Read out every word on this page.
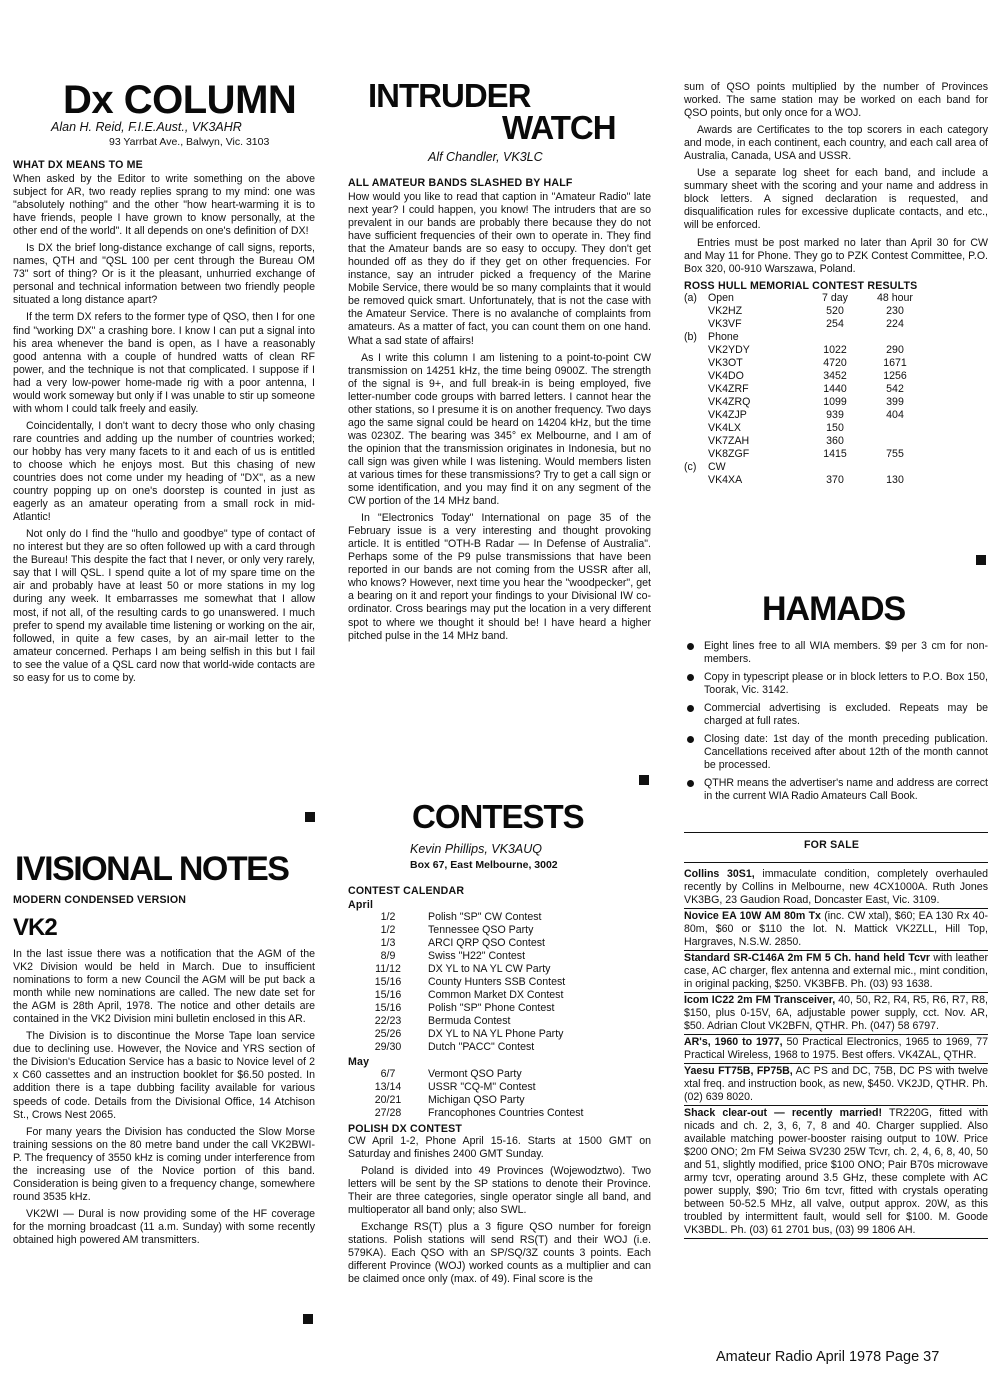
Dx COLUMN
Alan H. Reid, F.I.E.Aust., VK3AHR
93 Yarrbat Ave., Balwyn, Vic. 3103
WHAT DX MEANS TO ME

When asked by the Editor to write something on the above subject for AR, two ready replies sprang to my mind: one was "absolutely nothing" and the other "how heart-warming it is to have friends, people I have grown to know personally, at the other end of the world". It all depends on one's definition of DX!

Is DX the brief long-distance exchange of call signs, reports, names, QTH and "QSL 100 per cent through the Bureau OM 73" sort of thing? Or is it the pleasant, unhurried exchange of personal and technical information between two friendly people situated a long distance apart?

If the term DX refers to the former type of QSO, then I for one find "working DX" a crashing bore. I know I can put a signal into his area whenever the band is open, as I have a reasonably good antenna with a couple of hundred watts of clean RF power, and the technique is not that complicated. I suppose if I had a very low-power home-made rig with a poor antenna, I would work someway but only if I was unable to stir up someone with whom I could talk freely and easily.

Coincidentally, I don't want to decry those who only chasing rare countries and adding up the number of countries worked; our hobby has very many facets to it and each of us is entitled to choose which he enjoys most. But this chasing of new countries does not come under my heading of "DX", as a new country popping up on one's doorstep is counted in just as eagerly as an amateur operating from a small rock in mid-Atlantic!

Not only do I find the "hullo and goodbye" type of contact of no interest but they are so often followed up with a card through the Bureau! This despite the fact that I never, or only very rarely, say that I will QSL. I spend quite a lot of my spare time on the air and probably have at least 50 or more stations in my log during any week. It embarrasses me somewhat that I allow most, if not all, of the resulting cards to go unanswered. I much prefer to spend my available time listening or working on the air, followed, in quite a few cases, by an air-mail letter to the amateur concerned. Perhaps I am being selfish in this but I fail to see the value of a QSL card now that world-wide contacts are so easy for us to come by.

IVISIONAL NOTES
MODERN CONDENSED VERSION
VK2

In the last issue there was a notification that the AGM of the VK2 Division would be held in March. Due to insufficient nominations to form a new Council the AGM will be put back a month while new nominations are called. The new date set for the AGM is 28th April, 1978. The notice and other details are contained in the VK2 Division mini bulletin enclosed in this AR.

The Division is to discontinue the Morse Tape loan service due to declining use. However, the Novice and YRS section of the Division's Education Service has a basic to Novice level of 2 x C60 cassettes and an instruction booklet for $6.50 posted. In addition there is a tape dubbing facility available for various speeds of code. Details from the Divisional Office, 14 Atchison St., Crows Nest 2065.

For many years the Division has conducted the Slow Morse training sessions on the 80 metre band under the call VK2BWI-P. The frequency of 3550 kHz is coming under interference from the increasing use of the Novice portion of this band. Consideration is being given to a frequency change, somewhere round 3535 kHz.

VK2WI — Dural is now providing some of the HF coverage for the morning broadcast (11 a.m. Sunday) with some recently obtained high powered AM transmitters.

INTRUDER
WATCH
Alf Chandler, VK3LC
ALL AMATEUR BANDS SLASHED BY HALF

How would you like to read that caption in "Amateur Radio" late next year? I could happen, you know! The intruders that are so prevalent in our bands are probably there because they do not have sufficient frequencies of their own to operate in. They find that the Amateur bands are so easy to occupy. They don't get hounded off as they do if they get on other frequencies. For instance, say an intruder picked a frequency of the Marine Mobile Service, there would be so many complaints that it would be removed quick smart. Unfortunately, that is not the case with the Amateur Service. There is no avalanche of complaints from amateurs. As a matter of fact, you can count them on one hand. What a sad state of affairs!

As I write this column I am listening to a point-to-point CW transmission on 14251 kHz, the time being 0900Z. The strength of the signal is 9+, and full break-in is being employed, five letter-number code groups with barred letters. I cannot hear the other stations, so I presume it is on another frequency. Two days ago the same signal could be heard on 14204 kHz, but the time was 0230Z. The bearing was 345° ex Melbourne, and I am of the opinion that the transmission originates in Indonesia, but no call sign was given while I was listening. Would members listen at various times for these transmissions? Try to get a call sign or some identification, and you may find it on any segment of the CW portion of the 14 MHz band.

In "Electronics Today" International on page 35 of the February issue is a very interesting and thought provoking article. It is entitled "OTH-B Radar — In Defense of Australia". Perhaps some of the P9 pulse transmissions that have been reported in our bands are not coming from the USSR after all, who knows? However, next time you hear the "woodpecker", get a bearing on it and report your findings to your Divisional IW co-ordinator. Cross bearings may put the location in a very different spot to where we thought it should be! I have heard a higher pitched pulse in the 14 MHz band.

CONTESTS
Kevin Phillips, VK3AUQ
Box 67, East Melbourne, 3002
CONTEST CALENDAR
April
1/2	Polish "SP" CW Contest
1/2	Tennessee QSO Party
1/3	ARCI QRP QSO Contest
8/9	Swiss "H22" Contest
11/12	DX YL to NA YL CW Party
15/16	County Hunters SSB Contest
15/16	Common Market DX Contest
15/16	Polish "SP" Phone Contest
22/23	Bermuda Contest
25/26	DX YL to NA YL Phone Party
29/30	Dutch "PACC" Contest
May
6/7	Vermont QSO Party
13/14	USSR "CQ-M" Contest
20/21	Michigan QSO Party
27/28	Francophones Countries Contest
POLISH DX CONTEST

CW April 1-2, Phone April 15-16. Starts at 1500 GMT on Saturday and finishes 2400 GMT Sunday.

Poland is divided into 49 Provinces (Wojewodztwo). Two letters will be sent by the SP stations to denote their Province. Their are three categories, single operator single all band, and multioperator all band only; also SWL.

Exchange RS(T) plus a 3 figure QSO number for foreign stations. Polish stations will send RS(T) and their WOJ (i.e. 579KA). Each QSO with an SP/SQ/3Z counts 3 points. Each different Province (WOJ) worked counts as a multiplier and can be claimed once only (max. of 49). Final score is the

sum of QSO points multiplied by the number of Provinces worked. The same station may be worked on each band for QSO points, but only once for a WOJ.

Awards are Certificates to the top scorers in each category and mode, in each continent, each country, and each call area of Australia, Canada, USA and USSR.

Use a separate log sheet for each band, and include a summary sheet with the scoring and your name and address in block letters. A signed declaration is requested, and disqualification rules for excessive duplicate contacts, and etc., will be enforced.

Entries must be post marked no later than April 30 for CW and May 11 for Phone. They go to PZK Contest Committee, P.O. Box 320, 00-910 Warszawa, Poland.

ROSS HULL MEMORIAL CONTEST RESULTS
(a)	Open	7 day	48 hour
	VK2HZ	520	230
	VK3VF	254	224
(b)	Phone		
	VK2YDY	1022	290
	VK3OT	4720	1671
	VK4DO	3452	1256
	VK4ZRF	1440	542
	VK4ZRQ	1099	399
	VK4ZJP	939	404
	VK4LX	150	
	VK7ZAH	360	
	VK8ZGF	1415	755
(c)	CW		
	VK4XA	370	130
HAMADS
Eight lines free to all WIA members. $9 per 3 cm for non-members.
Copy in typescript please or in block letters to P.O. Box 150, Toorak, Vic. 3142.
Commercial advertising is excluded. Repeats may be charged at full rates.
Closing date: 1st day of the month preceding publication. Cancellations received after about 12th of the month cannot be processed.
QTHR means the advertiser's name and address are correct in the current WIA Radio Amateurs Call Book.
FOR SALE
Collins 30S1, immaculate condition, completely overhauled recently by Collins in Melbourne, new 4CX1000A. Ruth Jones VK3BG, 23 Gaudion Road, Doncaster East, Vic. 3109.
Novice EA 10W AM 80m Tx (inc. CW xtal), $60; EA 130 Rx 40-80m, $60 or $110 the lot. N. Mattick VK2ZLL, Hill Top, Hargraves, N.S.W. 2850.
Standard SR-C146A 2m FM 5 Ch. hand held Tcvr with leather case, AC charger, flex antenna and external mic., mint condition, in original packing, $250. VK3BFB. Ph. (03) 93 1638.
Icom IC22 2m FM Transceiver, 40, 50, R2, R4, R5, R6, R7, R8, $150, plus 0-15V, 6A, adjustable power supply, cct. Nov. AR, $50. Adrian Clout VK2BFN, QTHR. Ph. (047) 58 6797.
AR's, 1960 to 1977, 50 Practical Electronics, 1965 to 1969, 77 Practical Wireless, 1968 to 1975. Best offers. VK4ZAL, QTHR.
Yaesu FT75B, FP75B, AC PS and DC, 75B, DC PS with twelve xtal freq. and instruction book, as new, $450. VK2JD, QTHR. Ph. (02) 639 8020.
Shack clear-out — recently married! TR220G, fitted with nicads and ch. 2, 3, 6, 7, 8 and 40. Charger supplied. Also available matching power-booster raising output to 10W. Price $200 ONO; 2m FM Seiwa SV230 25W Tcvr, ch. 2, 4, 6, 8, 40, 50 and 51, slightly modified, price $100 ONO; Pair B70s microwave army tcvr, operating around 3.5 GHz, these complete with AC power supply, $90; Trio 6m tcvr, fitted with crystals operating between 50-52.5 MHz, all valve, output approx. 20W, as this troubled by intermittent fault, would sell for $100. M. Goode VK3BDL. Ph. (03) 61 2701 bus, (03) 99 1806 AH.
Amateur Radio April 1978 Page 37
